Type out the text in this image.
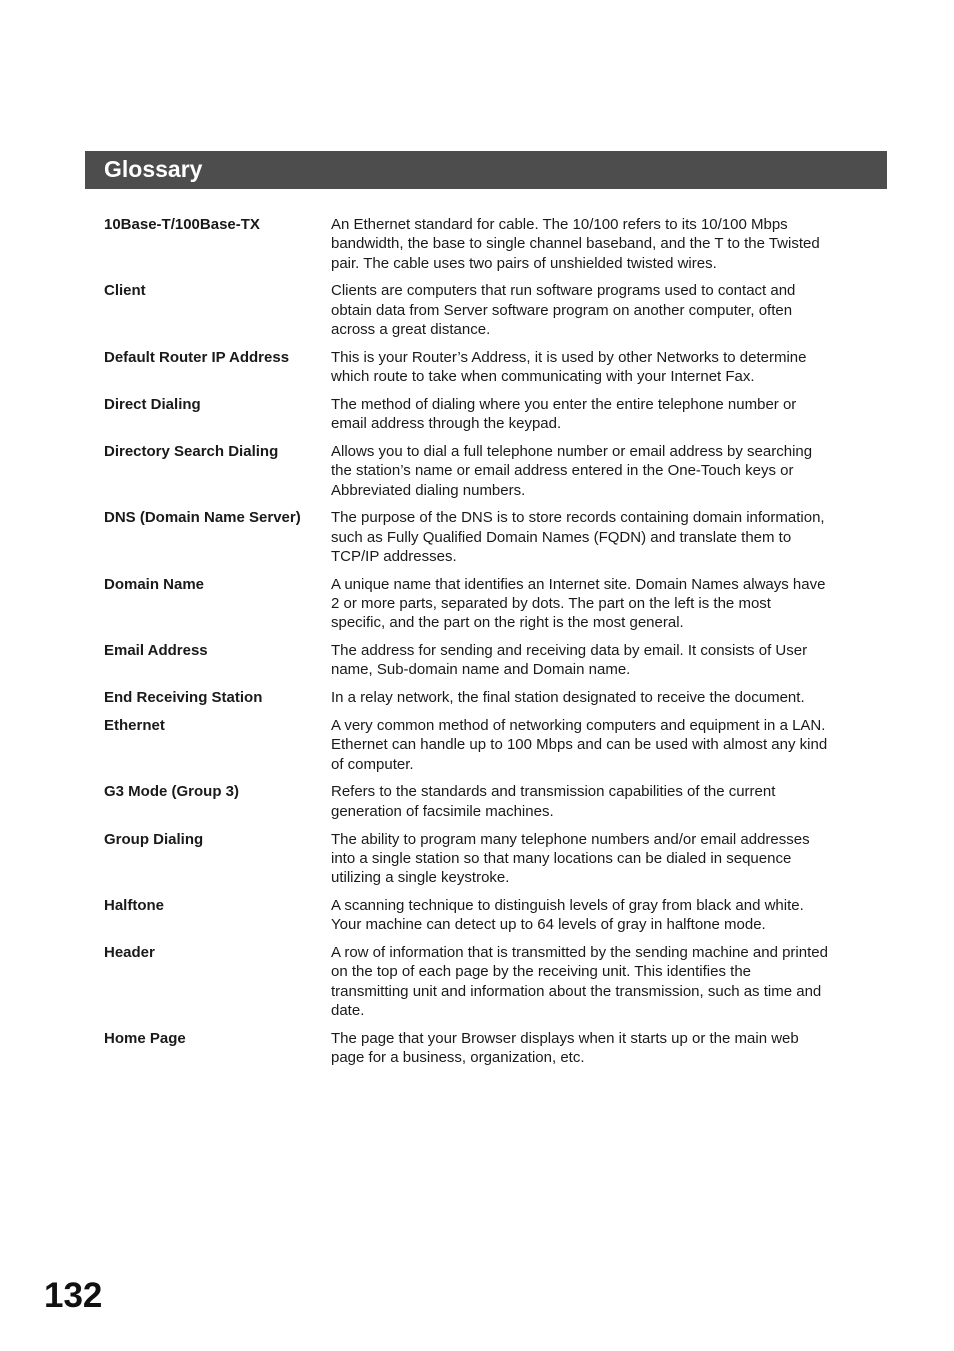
Glossary
10Base-T/100Base-TX	An Ethernet standard for cable. The 10/100 refers to its 10/100 Mbps
bandwidth, the base to single channel baseband, and the T to the Twisted
pair. The cable uses two pairs of unshielded twisted wires.
Client	Clients are computers that run software programs used to contact and
obtain data from Server software program on another computer, often
across a great distance.
Default Router IP Address	This is your Router’s Address, it is used by other Networks to determine
which route to take when communicating with your Internet Fax.
Direct Dialing	The method of dialing where you enter the entire telephone number or
email address through the keypad.
Directory Search Dialing	Allows you to dial a full telephone number or email address by searching
the station’s name or email address entered in the One-Touch keys or
Abbreviated dialing numbers.
DNS (Domain Name Server)	The purpose of the DNS is to store records containing domain information,
such as Fully Qualified Domain Names (FQDN) and translate them to
TCP/IP addresses.
Domain Name	A unique name that identifies an Internet site. Domain Names always have
2 or more parts, separated by dots. The part on the left is the most
specific, and the part on the right is the most general.
Email Address	The address for sending and receiving data by email. It consists of User
name, Sub-domain name and Domain name.
End Receiving Station	In a relay network, the final station designated to receive the document.
Ethernet	A very common method of networking computers and equipment in a LAN.
Ethernet can handle up to 100 Mbps and can be used with almost any kind
of computer.
G3 Mode (Group 3)	Refers to the standards and transmission capabilities of the current
generation of facsimile machines.
Group Dialing	The ability to program many telephone numbers and/or email addresses
into a single station so that many locations can be dialed in sequence
utilizing a single keystroke.
Halftone	A scanning technique to distinguish levels of gray from black and white.
Your machine can detect up to 64 levels of gray in halftone mode.
Header	A row of information that is transmitted by the sending machine and printed
on the top of each page by the receiving unit. This identifies the
transmitting unit and information about the transmission, such as time and
date.
Home Page	The page that your Browser displays when it starts up or the main web
page for a business, organization, etc.
132
